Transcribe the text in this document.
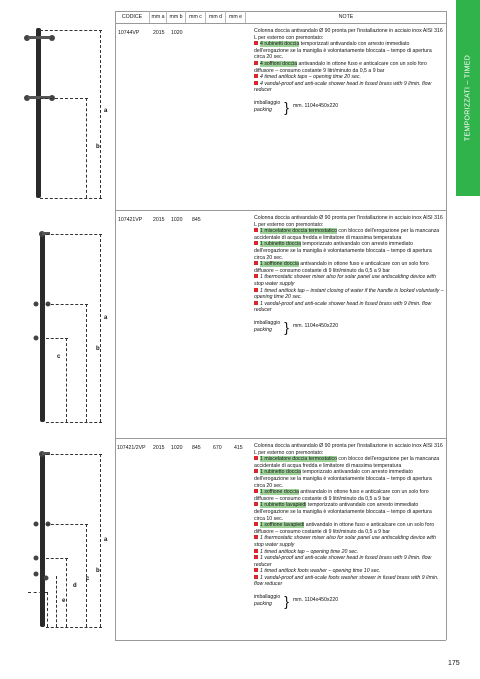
TEMPORIZZATI – TIMED
CODICE	mm a mm b	mm c	mm d	mm e	NOTE
10744VP	2015 1020	Colonna doccia antivandalo Ø 90 pronta per l'installazione in acciaio inox AISI 316 L per esterno con premontato:

4 rubinetti doccia temporizzati antivandalo con arresto immediato dell'erogazione se la maniglia è volontariamente bloccata – tempo di apertura circa 20 sec.

4 soffioni doccia antivandalo in ottone fuso e anticalcare con un solo foro diffusore – consumo costante 9 litri/minuto da 0,5 a 9 bar

4 timed antilock taps – opening time 20 sec.

4 vandal-proof and anti-scale shower head in fused brass with 9 l/min. flow reducer

imballaggio
packing } mm. 1104x450x220
a
b
107421VP 2015 1020 845	Colonna doccia antivandalo Ø 90 pronta per l'installazione in acciaio inox AISI 316 L per esterno con premontato:

1 miscelatore doccia termostatico con blocco dell'erogazione per la mancanza accidentale di acqua fredda e limitatore di massima temperatura

1 rubinetto doccia temporizzato antivandalo con arresto immediato dell'erogazione se la maniglia è volontariamente bloccata – tempo di apertura circa 20 sec.

1 soffione doccia antivandalo in ottone fuso e anticalcare con un solo foro diffusore – consumo costante di 9 litri/minuto da 0,5 a 9 bar

1 thermostatic shower mixer also for solar panel use antiscalding device with stop water supply

1 timed antilock tap – instant closing of water if the handle is locked voluntarily – opening time 20 sec.

1 vandal-proof and anti-scale shower head in fused brass with 9 l/min. flow reducer

imballaggio
packing } mm. 1104x450x220
a
b
c
107421/2VP 2015 1020 845 670 415 Colonna doccia antivandalo Ø 90 pronta per l'installazione in acciaio inox AISI 316 L per esterno con premontato:

1 miscelatore doccia termostatico con blocco dell'erogazione per la mancanza accidentale di acqua fredda e limitatore di massima temperatura

1 rubinetto doccia temporizzato antivandalo con arresto immediato dell'erogazione se la maniglia è volontariamente bloccata – tempo di apertura circa 20 sec.

1 soffione doccia antivandalo in ottone fuso e anticalcare con un solo foro diffusore – consumo costante di 9 litri/minuto da 0,5 a 9 bar

1 rubinetto lavapiedi temporizzato antivandalo con arresto immediato dell'erogazione se la maniglia è volontariamente bloccata – tempo di apertura circa 10 sec.

1 soffione lavapiedi antivandalo in ottone fuso e anticalcare con un solo foro diffusore – consumo costante di 9 litri/minuto da 0,5 a 9 bar

1 thermostatic shower mixer also for solar panel use antiscalding device with stop water supply

1 timed antilock tap – opening time 20 sec.

1 vandal-proof and anti-scale shower head in fused brass with 9 l/min. flow reducer

1 timed antilock foots washer – opening time 10 sec.

1 vandal-proof and anti-scale foots washer shower in fused brass with 9 l/min. flow reducer

imballaggio
packing } mm. 1104x450x220
a
b
c
d
e
175
